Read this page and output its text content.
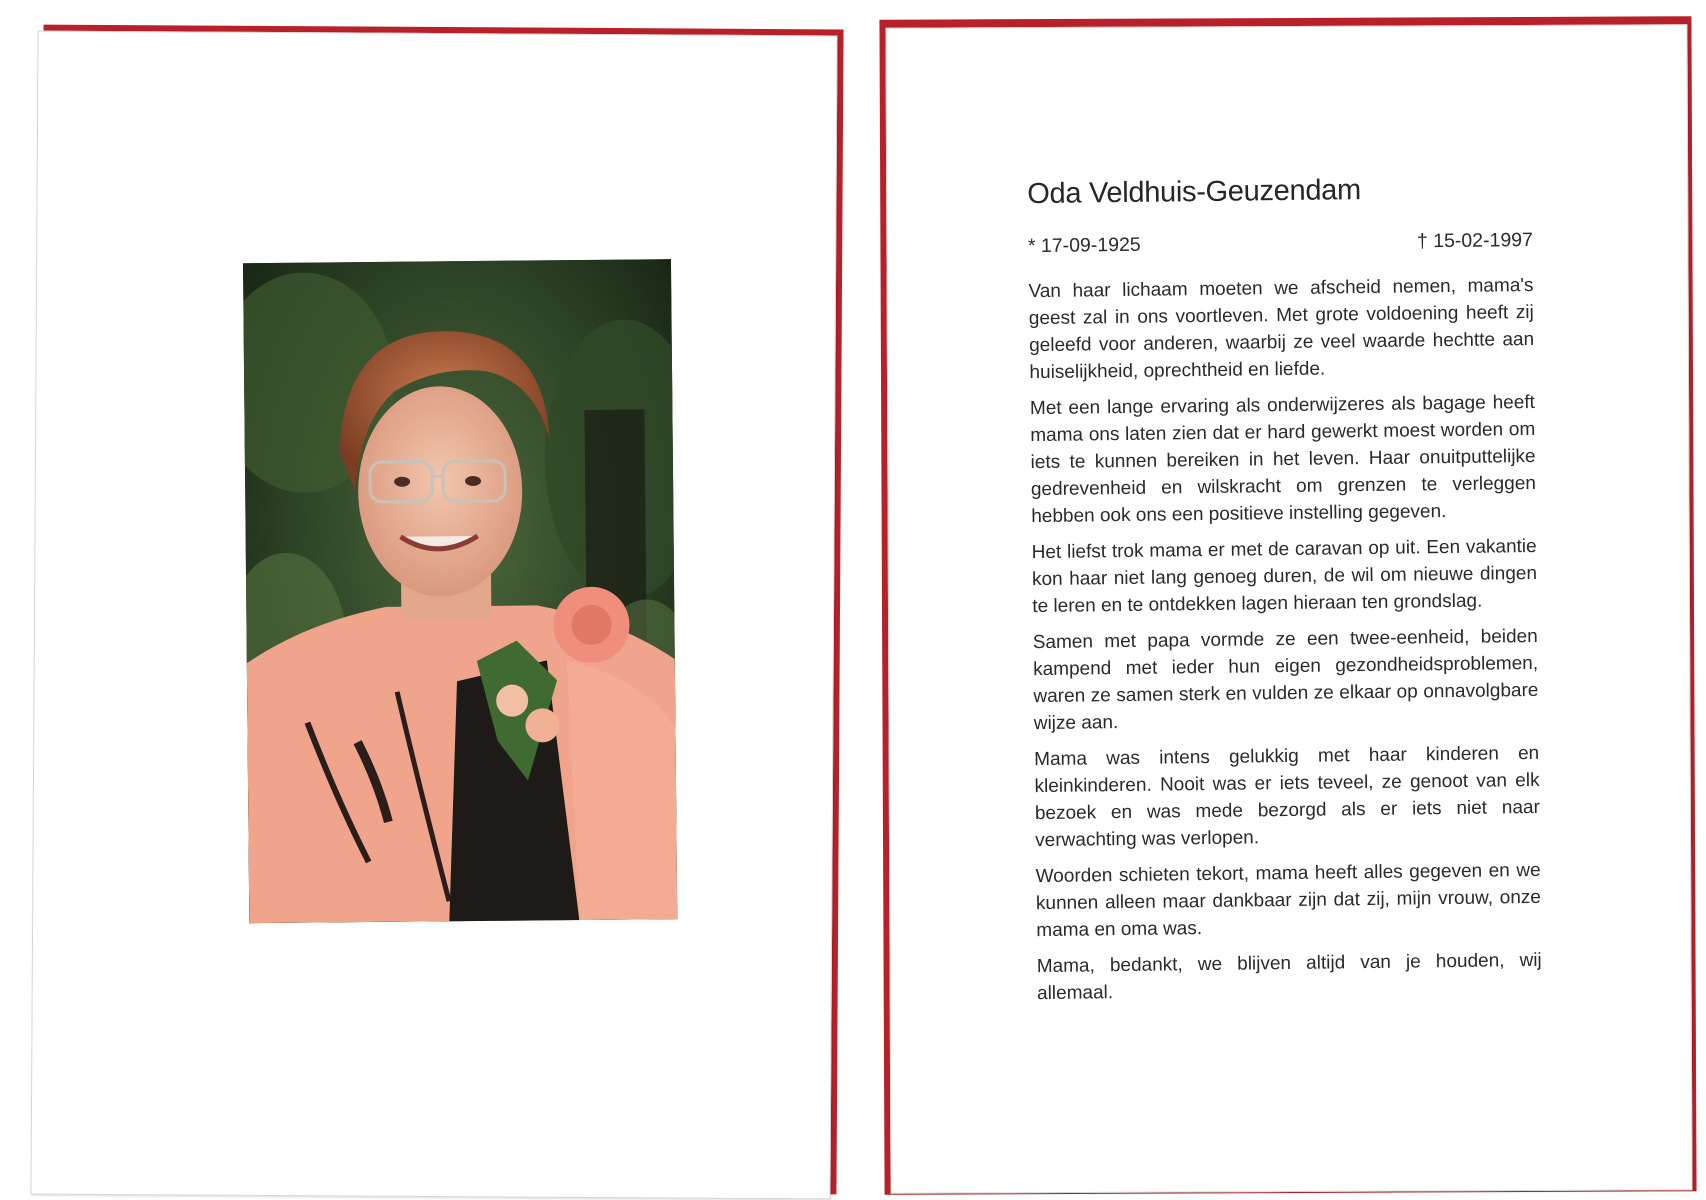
Oda Veldhuis-Geuzendam
* 17-09-1925	† 15-02-1997

Van haar lichaam moeten we afscheid nemen, mama's geest zal in ons voortleven. Met grote voldoening heeft zij geleefd voor anderen, waarbij ze veel waarde hechtte aan huiselijkheid, oprechtheid en liefde.

Met een lange ervaring als onderwijzeres als bagage heeft mama ons laten zien dat er hard gewerkt moest worden om iets te kunnen bereiken in het leven. Haar onuitputtelijke gedrevenheid en wilskracht om grenzen te verleggen hebben ook ons een positieve instelling gegeven.

Het liefst trok mama er met de caravan op uit. Een vakantie kon haar niet lang genoeg duren, de wil om nieuwe dingen te leren en te ontdekken lagen hieraan ten grondslag.

Samen met papa vormde ze een twee-eenheid, beiden kampend met ieder hun eigen gezondheidsproblemen, waren ze samen sterk en vulden ze elkaar op onnavolgbare wijze aan.

Mama was intens gelukkig met haar kinderen en kleinkinderen. Nooit was er iets teveel, ze genoot van elk bezoek en was mede bezorgd als er iets niet naar verwachting was verlopen.

Woorden schieten tekort, mama heeft alles gegeven en we kunnen alleen maar dankbaar zijn dat zij, mijn vrouw, onze mama en oma was.

Mama, bedankt, we blijven altijd van je houden, wij allemaal.
